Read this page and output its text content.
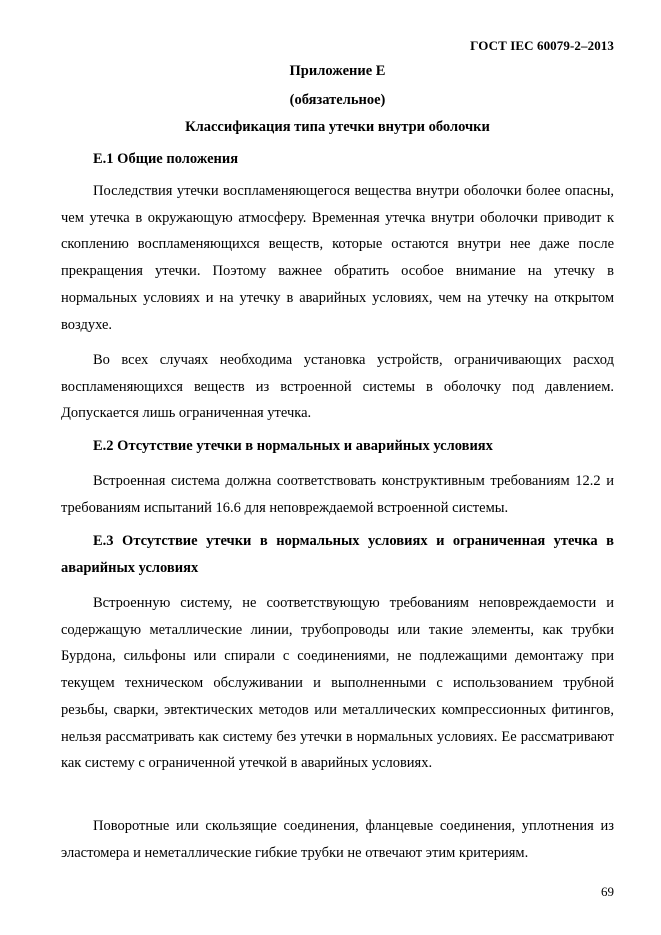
ГОСТ IEC 60079-2–2013
Приложение Е
(обязательное)
Классификация типа утечки внутри оболочки
Е.1 Общие положения

Последствия утечки воспламеняющегося вещества внутри оболочки более опасны, чем утечка в окружающую атмосферу. Временная утечка внутри оболочки приводит к скоплению воспламеняющихся веществ, которые остаются внутри нее даже после прекращения утечки. Поэтому важнее обратить особое внимание на утечку в нормальных условиях и на утечку в аварийных условиях, чем на утечку на открытом воздухе.

Во всех случаях необходима установка устройств, ограничивающих расход воспламеняющихся веществ из встроенной системы в оболочку под давлением. Допускается лишь ограниченная утечка.

Е.2 Отсутствие утечки в нормальных и аварийных условиях

Встроенная система должна соответствовать конструктивным требованиям 12.2 и требованиям испытаний 16.6 для неповреждаемой встроенной системы.

Е.3 Отсутствие утечки в нормальных условиях и ограниченная утечка в аварийных условиях

Встроенную систему, не соответствующую требованиям неповреждаемости и содержащую металлические линии, трубопроводы или такие элементы, как трубки Бурдона, сильфоны или спирали с соединениями, не подлежащими демонтажу при текущем техническом обслуживании и выполненными с использованием трубной резьбы, сварки, эвтектических методов или металлических компрессионных фитингов, нельзя рассматривать как систему без утечки в нормальных условиях. Ее рассматривают как систему с ограниченной утечкой в аварийных условиях.

Поворотные или скользящие соединения, фланцевые соединения, уплотнения из эластомера и неметаллические гибкие трубки не отвечают этим критериям.

69
